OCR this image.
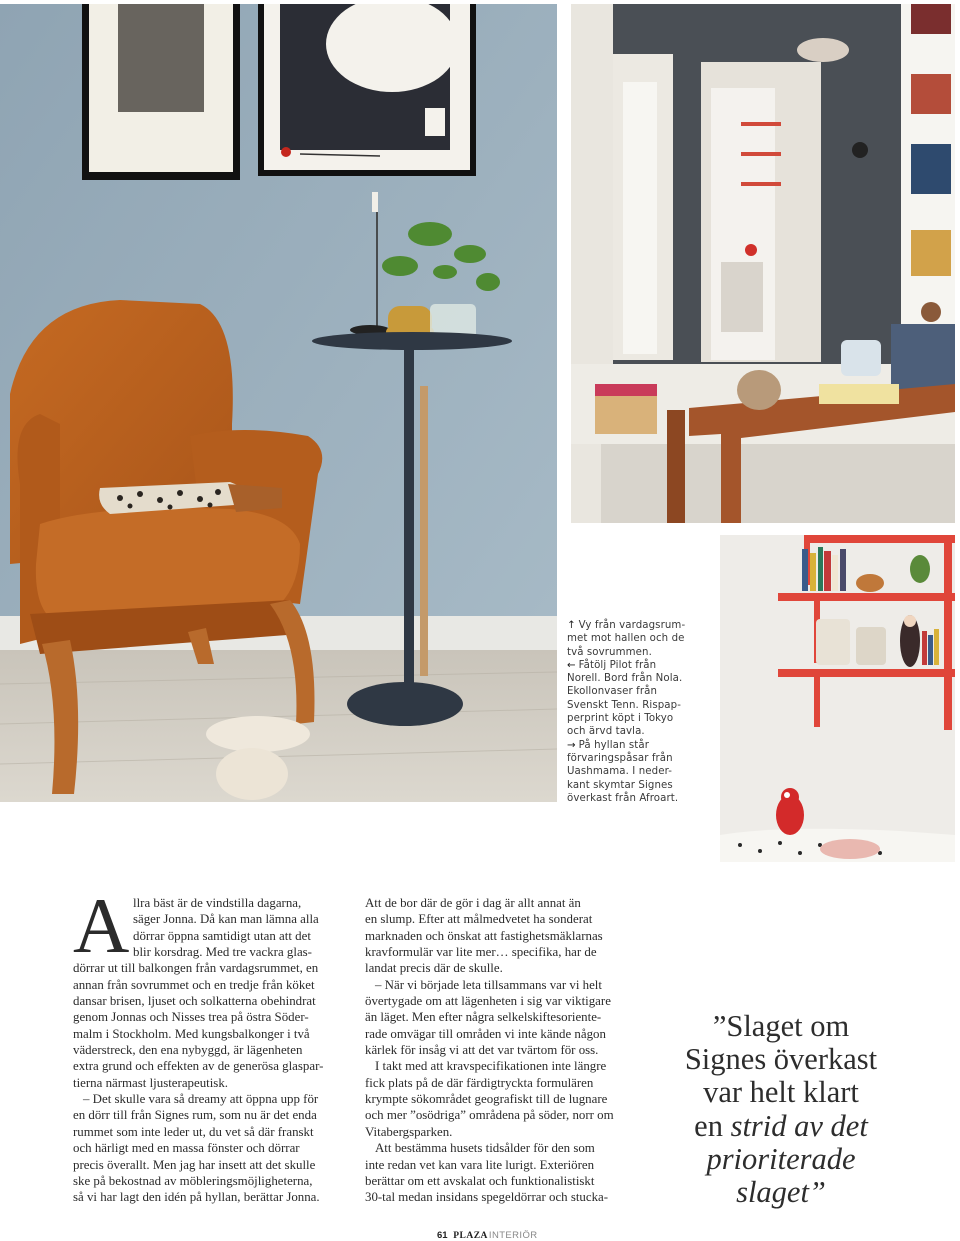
↑ Vy från vardagsrum-
met mot hallen och de
två sovrummen.
← Fåtölj Pilot från
Norell. Bord från Nola.
Ekollonvaser från
Svenskt Tenn. Rispap-
perprint köpt i Tokyo
och ärvd tavla.
→ På hyllan står
förvaringspåsar från
Uashmama. I neder-
kant skymtar Signes
överkast från Afroart.
A llra bäst är de vindstilla dagarna,
säger Jonna. Då kan man lämna alla
dörrar öppna samtidigt utan att det
blir korsdrag. Med tre vackra glas-
dörrar ut till balkongen från vardagsrummet, en
annan från sovrummet och en tredje från köket
dansar brisen, ljuset och solkatterna obehindrat
genom Jonnas och Nisses trea på östra Söder-
malm i Stockholm. Med kungsbalkonger i två
väderstreck, den ena nybyggd, är lägenheten
extra grund och effekten av de generösa glaspar-
tierna närmast ljusterapeutisk.
– Det skulle vara så dreamy att öppna upp för
en dörr till från Signes rum, som nu är det enda
rummet som inte leder ut, du vet så där franskt
och härligt med en massa fönster och dörrar
precis överallt. Men jag har insett att det skulle
ske på bekostnad av möbleringsmöjligheterna,
så vi har lagt den idén på hyllan, berättar Jonna.
Att de bor där de gör i dag är allt annat än
en slump. Efter att målmedvetet ha sonderat
marknaden och önskat att fastighetsmäklarnas
kravformulär var lite mer… specifika, har de
landat precis där de skulle.
– När vi började leta tillsammans var vi helt
övertygade om att lägenheten i sig var viktigare
än läget. Men efter några selkelskiftesoriente-
rade omvägar till områden vi inte kände någon
kärlek för insåg vi att det var tvärtom för oss.
I takt med att kravspecifikationen inte längre
fick plats på de där färdigtryckta formulären
krympte sökområdet geografiskt till de lugnare
och mer ”osödriga” områdena på söder, norr om
Vitabergsparken.
Att bestämma husets tidsålder för den som
inte redan vet kan vara lite lurigt. Exteriören
berättar om ett avskalat och funktionalistiskt
30-tal medan insidans spegeldörrar och stucka-
”Slaget om
Signes överkast
var helt klart
en strid av det
prioriterade
slaget”
61 PLAZAINTERIÖR
